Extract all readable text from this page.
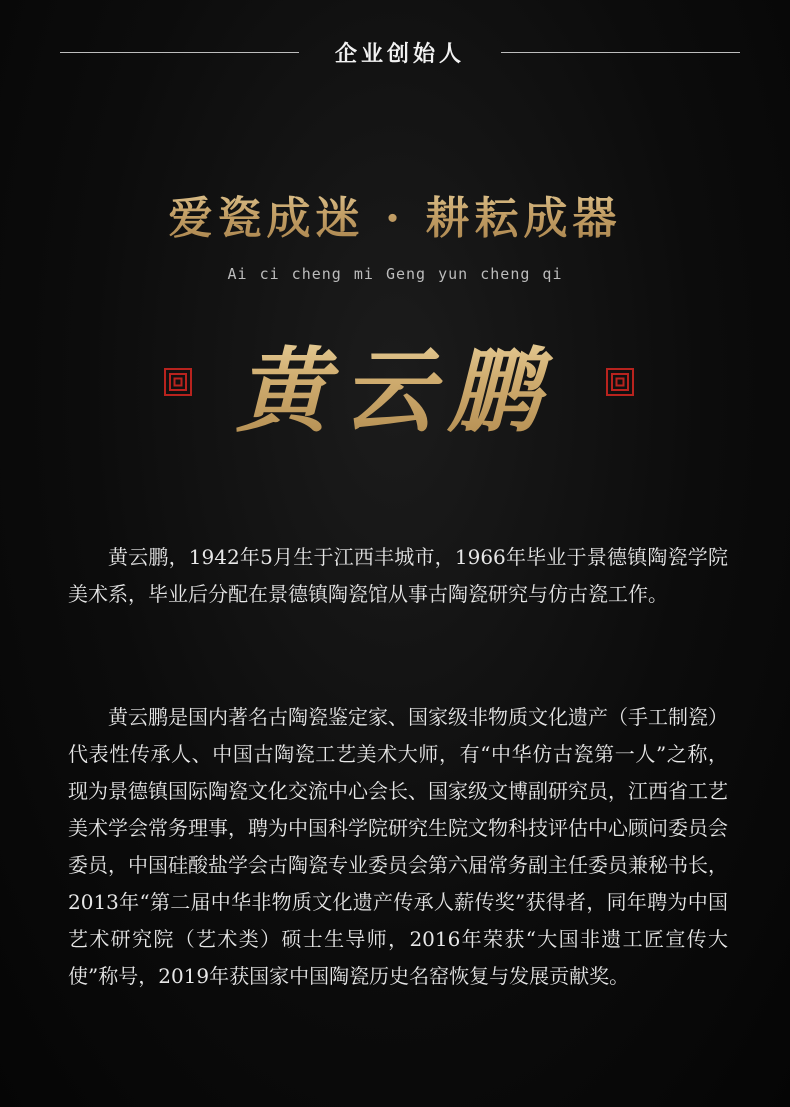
企业创始人
爱瓷成迷 · 耕耘成器
Ai ci cheng mi Geng yun cheng qi
黄云鹏

黄云鹏，1942年5月生于江西丰城市，1966年毕业于景德镇陶瓷学院美术系，毕业后分配在景德镇陶瓷馆从事古陶瓷研究与仿古瓷工作。

黄云鹏是国内著名古陶瓷鉴定家、国家级非物质文化遗产（手工制瓷）代表性传承人、中国古陶瓷工艺美术大师，有“中华仿古瓷第一人”之称，现为景德镇国际陶瓷文化交流中心会长、国家级文博副研究员，江西省工艺美术学会常务理事，聘为中国科学院研究生院文物科技评估中心顾问委员会委员，中国硅酸盐学会古陶瓷专业委员会第六届常务副主任委员兼秘书长，2013年“第二届中华非物质文化遗产传承人薪传奖”获得者，同年聘为中国艺术研究院（艺术类）硕士生导师，2016年荣获“大国非遗工匠宣传大使”称号，2019年获国家中国陶瓷历史名窑恢复与发展贡献奖。
